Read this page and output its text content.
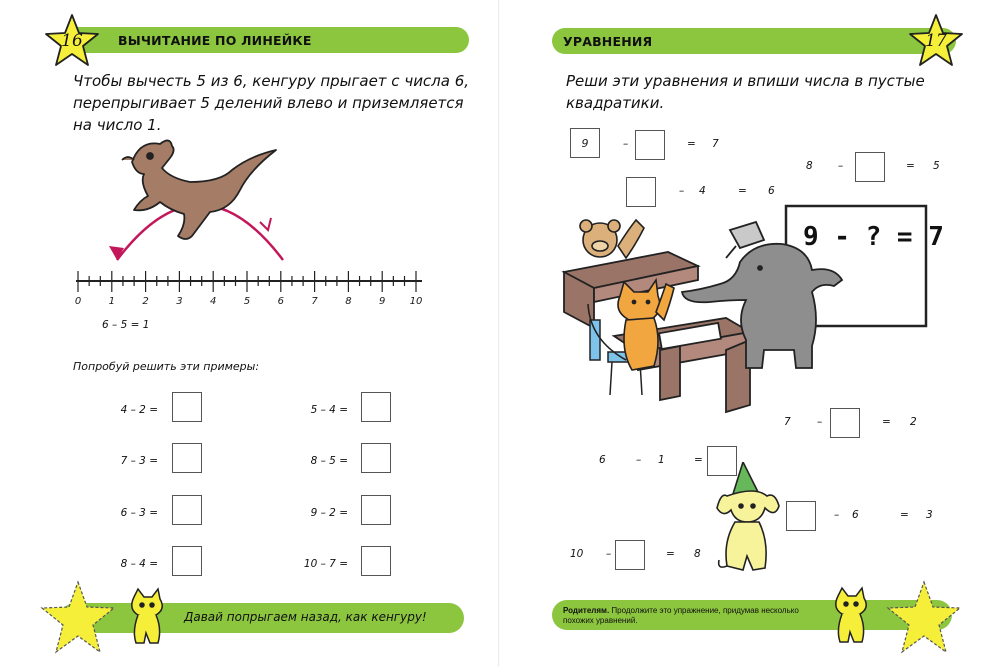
ВЫЧИТАНИЕ ПО ЛИНЕЙКЕ
16
Чтобы вычесть 5 из 6, кенгуру прыгает с числа 6,
перепрыгивает 5 делений влево и приземляется
на число 1.
0	1	2	3	4	5	6	7	8	9	10
6 – 5 = 1
Попробуй решить эти примеры:
4 – 2 =
7 – 3 =
6 – 3 =
8 – 4 =
5 – 4 =
8 – 5 =
9 – 2 =
10 – 7 =
Давай попрыгаем назад, как кенгуру!
УРАВНЕНИЯ	17
Реши эти уравнения и впиши числа в пустые
квадратики.
9	–	= 7
8 –	= 5
– 4	= 6
7	–	= 2
6	– 1	=
– 6	= 3
10 –	= 8
9 - ? = 7
Родителям. Продолжите это упражнение, придумав несколько
похожих уравнений.
